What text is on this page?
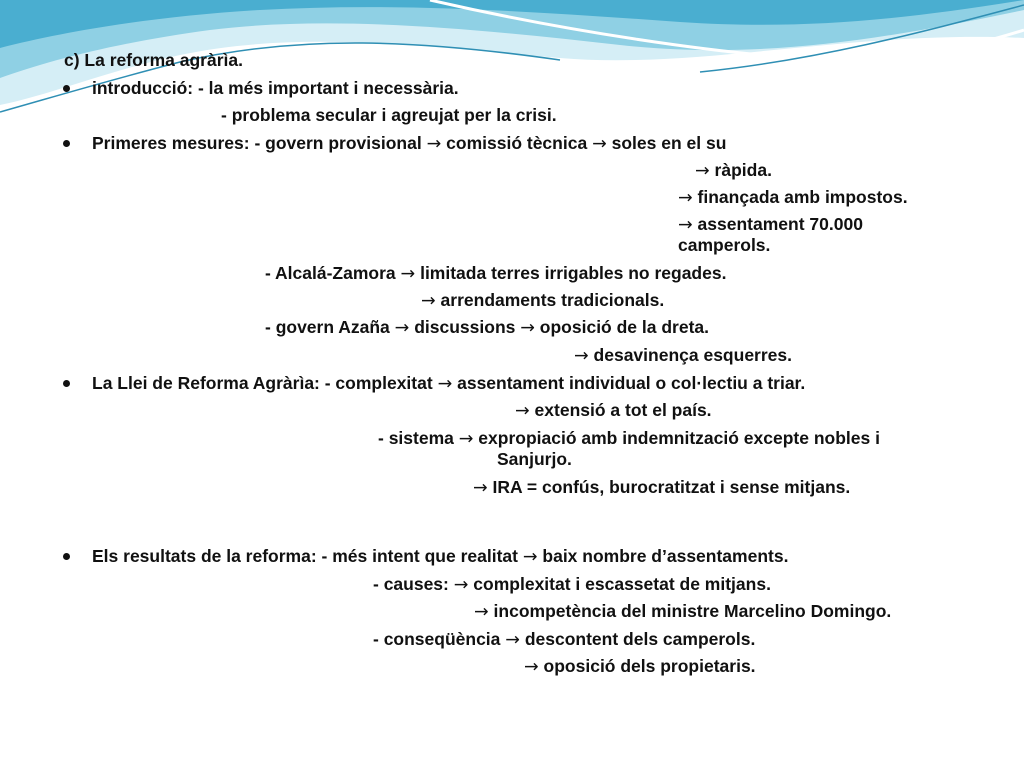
c) La reforma agràrìa.
introducció: - la més important i necessària.
- problema secular i agreujat per la crisi.
Primeres mesures: - govern provisional → comissió tècnica → soles en el su
→ ràpida.
→ finançada amb impostos.
→ assentament 70.000
camperols.
- Alcalá-Zamora → limitada terres irrigables no regades.
→ arrendaments tradicionals.
- govern Azaña → discussions → oposició de la dreta.
→ desavinença esquerres.
La Llei de Reforma Agràrìa: - complexitat → assentament individual o col·lectiu a triar.
→ extensió a tot el país.
- sistema → expropiació amb indemnització excepte nobles i
Sanjurjo.
→ IRA = confús, burocratitzat i sense mitjans.
Els resultats de la reforma: - més intent que realitat → baix nombre d’assentaments.
- causes: → complexitat i escassetat de mitjans.
→ incompetència del ministre Marcelino Domingo.
- conseqüència → descontent dels camperols.
→ oposició dels propietaris.
